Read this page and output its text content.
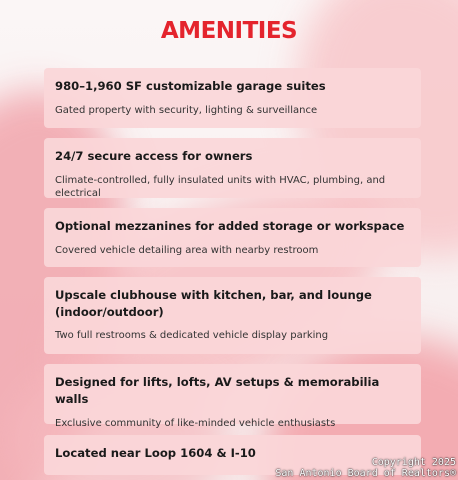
AMENITIES
980–1,960 SF customizable garage suites

Gated property with security, lighting & surveillance

24/7 secure access for owners

Climate-controlled, fully insulated units with HVAC, plumbing, and electrical

Optional mezzanines for added storage or workspace

Covered vehicle detailing area with nearby restroom

Upscale clubhouse with kitchen, bar, and lounge (indoor/outdoor)

Two full restrooms & dedicated vehicle display parking

Designed for lifts, lofts, AV setups & memorabilia walls

Exclusive community of like-minded vehicle enthusiasts

Located near Loop 1604 & I-10
Copyright 2025
San Antonio Board of Realtors®
